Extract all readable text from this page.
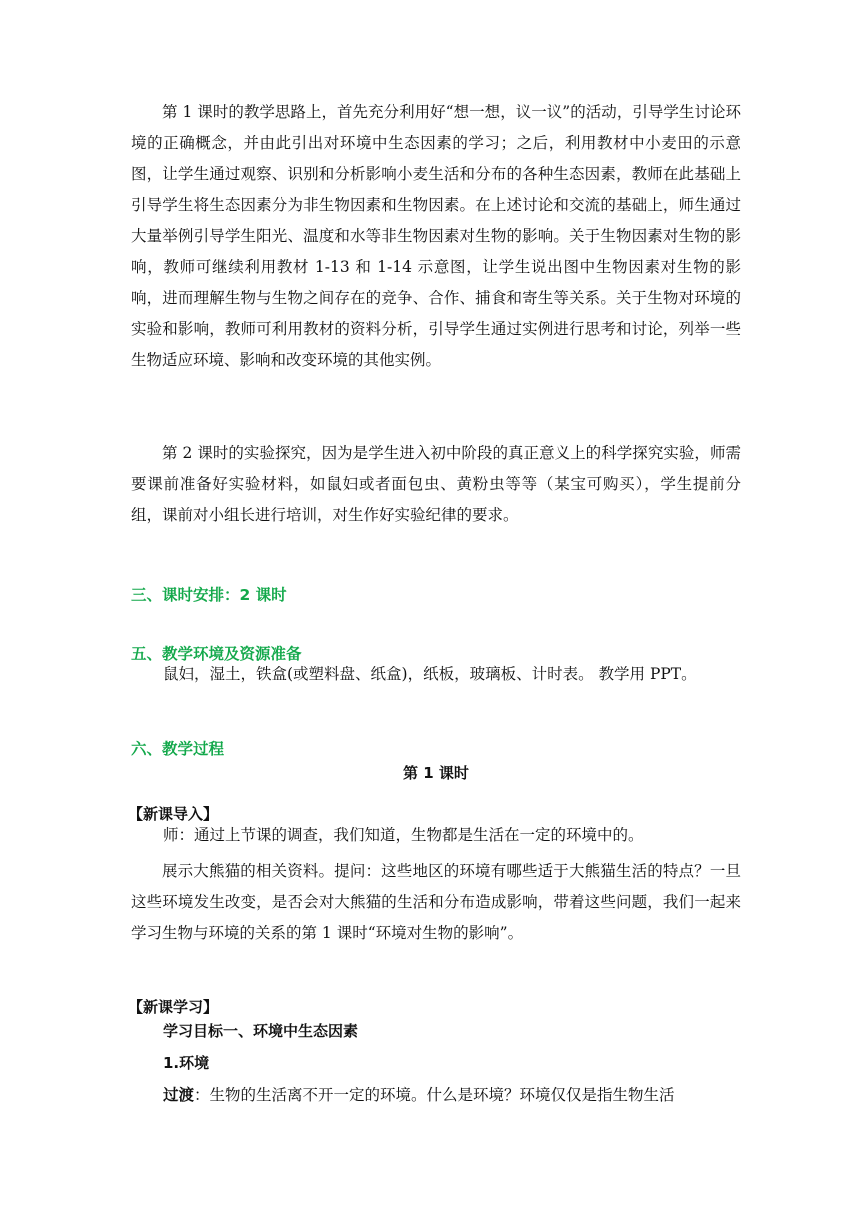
第 1 课时的教学思路上，首先充分利用好“想一想，议一议”的活动，引导学生讨论环境的正确概念，并由此引出对环境中生态因素的学习；之后，利用教材中小麦田的示意图，让学生通过观察、识别和分析影响小麦生活和分布的各种生态因素，教师在此基础上引导学生将生态因素分为非生物因素和生物因素。在上述讨论和交流的基础上，师生通过大量举例引导学生阳光、温度和水等非生物因素对生物的影响。关于生物因素对生物的影响，教师可继续利用教材 1-13 和 1-14 示意图，让学生说出图中生物因素对生物的影响，进而理解生物与生物之间存在的竞争、合作、捕食和寄生等关系。关于生物对环境的实验和影响，教师可利用教材的资料分析，引导学生通过实例进行思考和讨论，列举一些生物适应环境、影响和改变环境的其他实例。

第 2 课时的实验探究，因为是学生进入初中阶段的真正意义上的科学探究实验，师需要课前准备好实验材料，如鼠妇或者面包虫、黄粉虫等等（某宝可购买），学生提前分组，课前对小组长进行培训，对生作好实验纪律的要求。

三、课时安排：2 课时

五、教学环境及资源准备

鼠妇，湿土，铁盒(或塑料盘、纸盒)，纸板，玻璃板、计时表。 教学用 PPT。

六、教学过程

第 1 课时

【新课导入】

师：通过上节课的调查，我们知道，生物都是生活在一定的环境中的。

展示大熊猫的相关资料。提问：这些地区的环境有哪些适于大熊猫生活的特点？一旦这些环境发生改变，是否会对大熊猫的生活和分布造成影响，带着这些问题，我们一起来学习生物与环境的关系的第 1 课时“环境对生物的影响”。

【新课学习】

学习目标一、环境中生态因素

1.环境

过渡：生物的生活离不开一定的环境。什么是环境？环境仅仅是指生物生活
